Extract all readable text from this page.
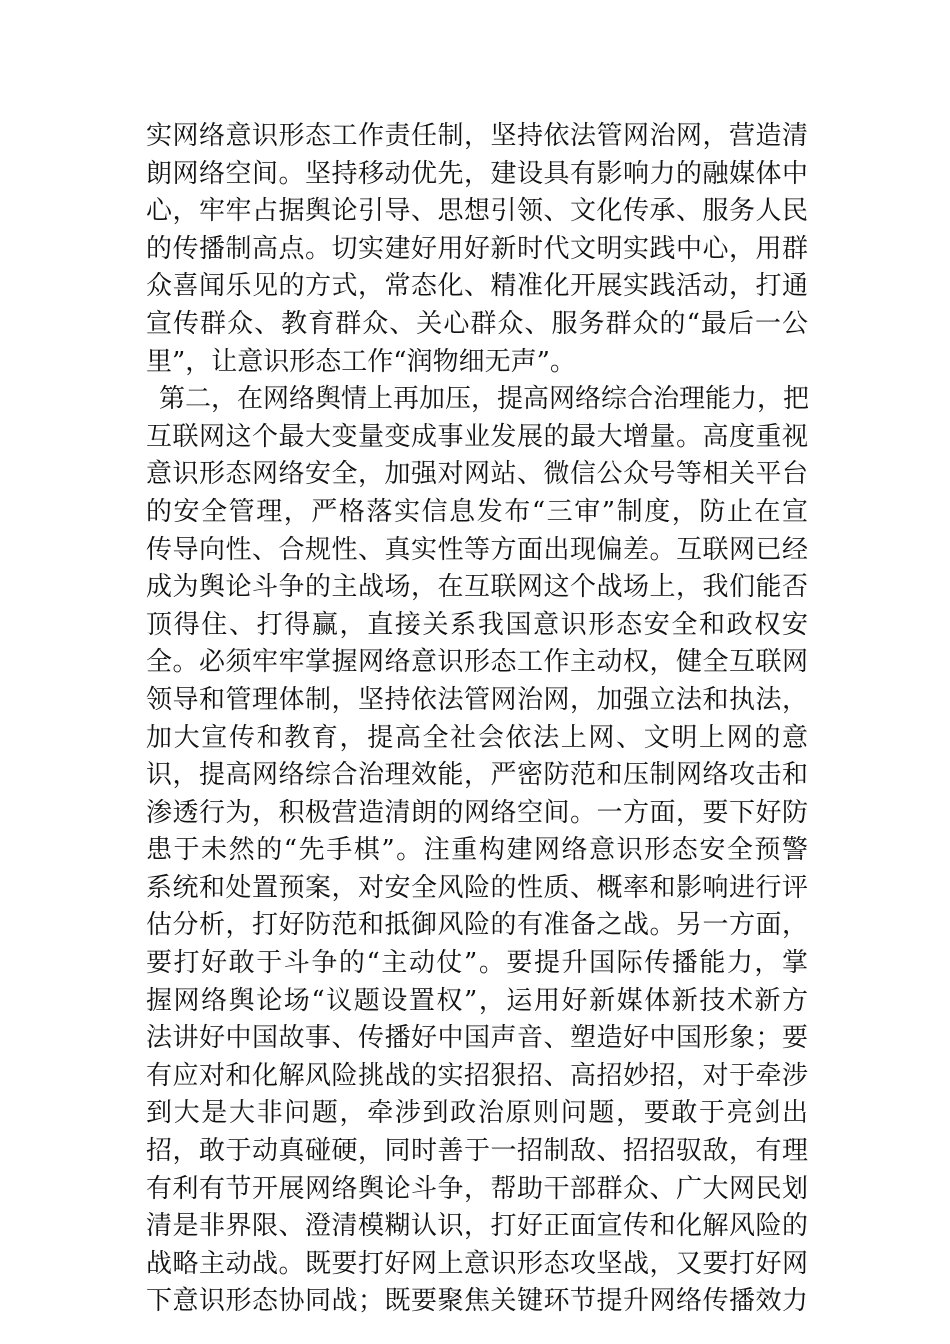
实网络意识形态工作责任制，坚持依法管网治网，营造清
朗网络空间。坚持移动优先，建设具有影响力的融媒体中
心，牢牢占据舆论引导、思想引领、文化传承、服务人民
的传播制高点。切实建好用好新时代文明实践中心，用群
众喜闻乐见的方式，常态化、精准化开展实践活动，打通
宣传群众、教育群众、关心群众、服务群众的“最后一公
里”，让意识形态工作“润物细无声”。
第二，在网络舆情上再加压，提高网络综合治理能力，把
互联网这个最大变量变成事业发展的最大增量。高度重视
意识形态网络安全，加强对网站、微信公众号等相关平台
的安全管理，严格落实信息发布“三审”制度，防止在宣
传导向性、合规性、真实性等方面出现偏差。互联网已经
成为舆论斗争的主战场，在互联网这个战场上，我们能否
顶得住、打得赢，直接关系我国意识形态安全和政权安
全。必须牢牢掌握网络意识形态工作主动权，健全互联网
领导和管理体制，坚持依法管网治网，加强立法和执法，
加大宣传和教育，提高全社会依法上网、文明上网的意
识，提高网络综合治理效能，严密防范和压制网络攻击和
渗透行为，积极营造清朗的网络空间。一方面，要下好防
患于未然的“先手棋”。注重构建网络意识形态安全预警
系统和处置预案，对安全风险的性质、概率和影响进行评
估分析，打好防范和抵御风险的有准备之战。另一方面，
要打好敢于斗争的“主动仗”。要提升国际传播能力，掌
握网络舆论场“议题设置权”，运用好新媒体新技术新方
法讲好中国故事、传播好中国声音、塑造好中国形象；要
有应对和化解风险挑战的实招狠招、高招妙招，对于牵涉
到大是大非问题，牵涉到政治原则问题，要敢于亮剑出
招，敢于动真碰硬，同时善于一招制敌、招招驭敌，有理
有利有节开展网络舆论斗争，帮助干部群众、广大网民划
清是非界限、澄清模糊认识，打好正面宣传和化解风险的
战略主动战。既要打好网上意识形态攻坚战，又要打好网
下意识形态协同战；既要聚焦关键环节提升网络传播效力
